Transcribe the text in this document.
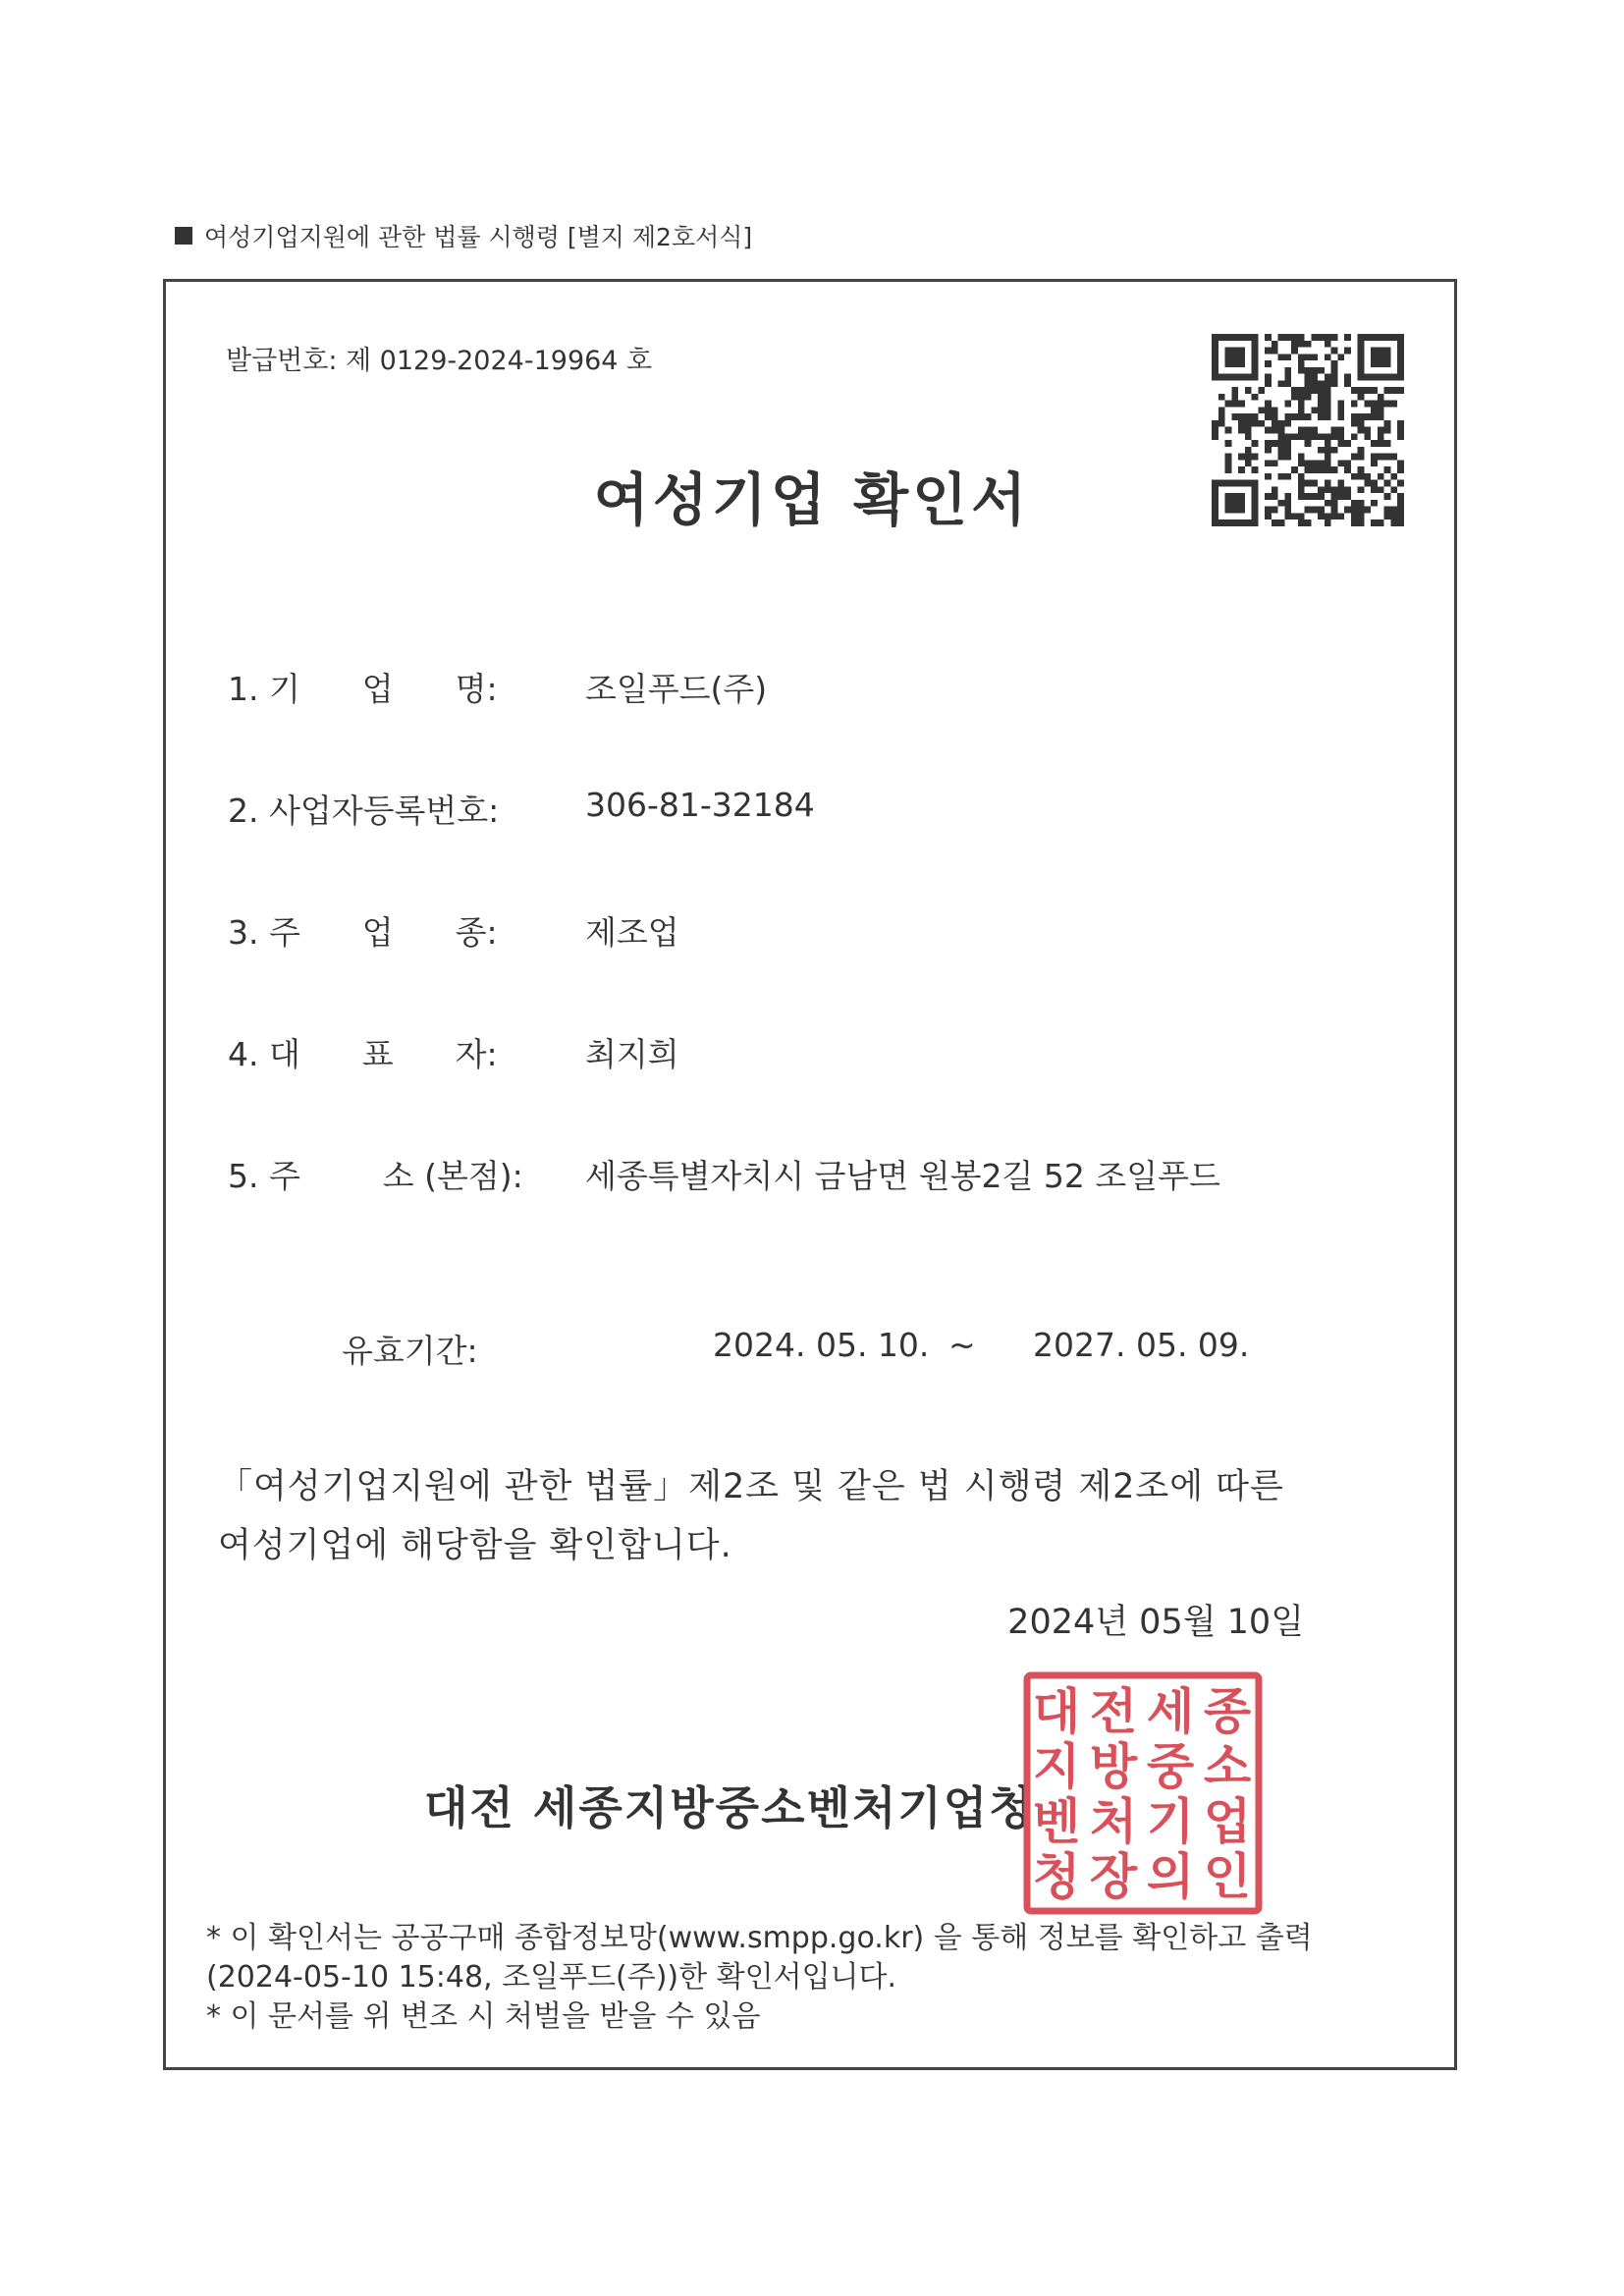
여성기업지원에 관한 법률 시행령 [별지 제2호서식]
발급번호: 제 0129-2024-19964 호
여성기업 확인서
1. 기      업      명:	조일푸드(주)
2. 사업자등록번호:	306-81-32184
3. 주      업      종:	제조업
4. 대      표      자:	최지희
5. 주        소 (본점): 세종특별자치시 금남면 원봉2길 52 조일푸드
유효기간:	2024. 05. 10. ~ 2027. 05. 09.
「여성기업지원에 관한 법률」제2조 및 같은 법 시행령 제2조에 따른
여성기업에 해당함을 확인합니다.
2024년 05월 10일
대전 세종지방중소벤처기업청
대 전 세 종
지 방 중 소
벤 처 기 업
청 장 의 인
* 이 확인서는 공공구매 종합정보망(www.smpp.go.kr) 을 통해 정보를 확인하고 출력
(2024-05-10 15:48, 조일푸드(주))한 확인서입니다.
* 이 문서를 위 변조 시 처벌을 받을 수 있음
